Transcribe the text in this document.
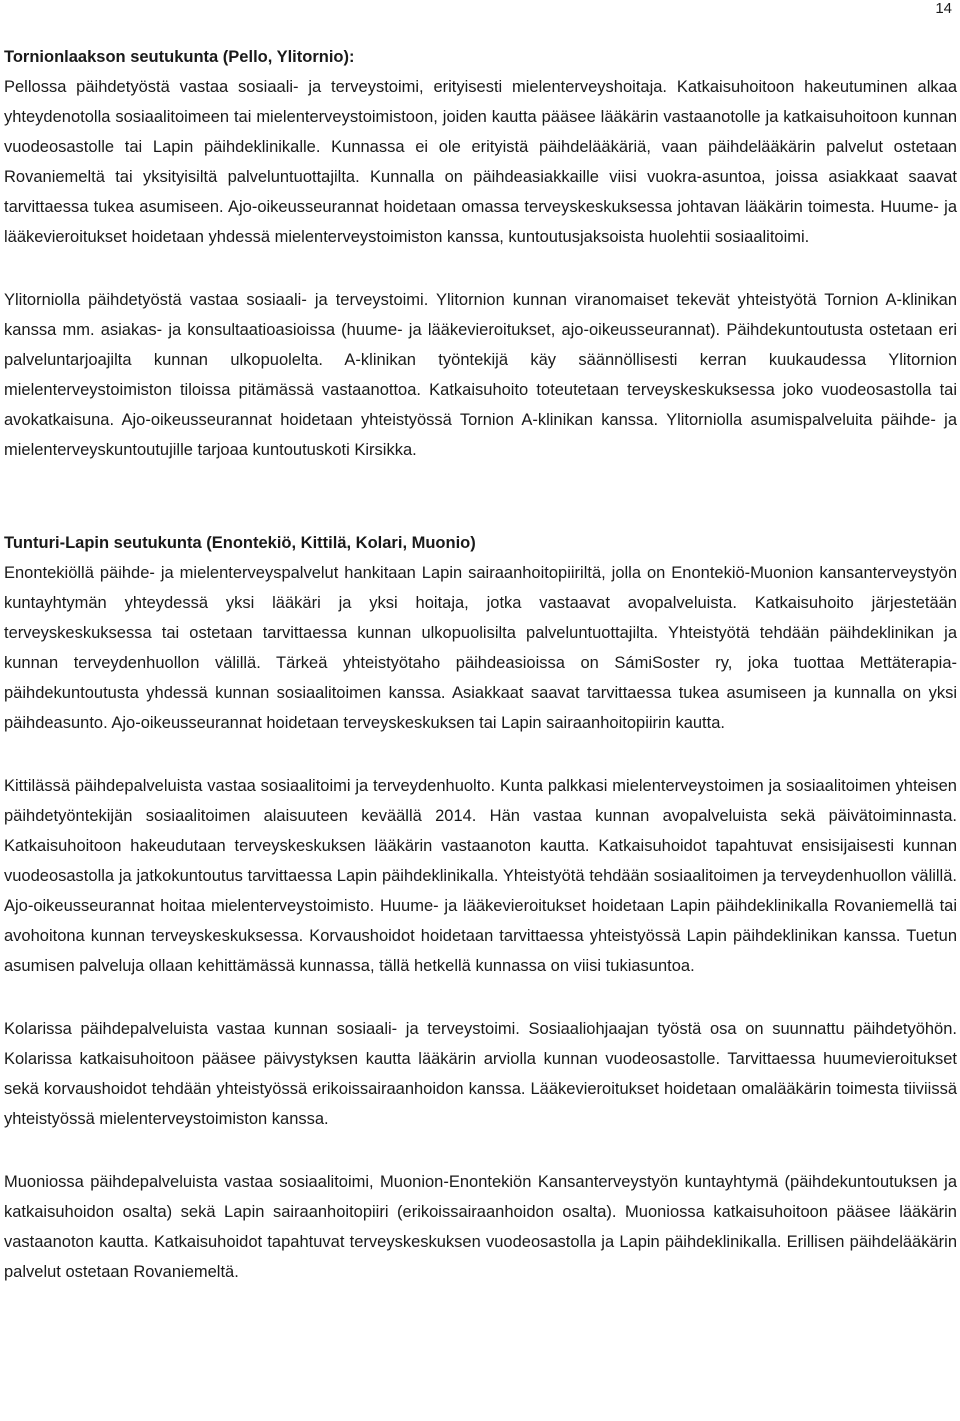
14
Tornionlaakson seutukunta (Pello, Ylitornio):

Pellossa päihdetyöstä vastaa sosiaali- ja terveystoimi, erityisesti mielenterveyshoitaja. Katkaisuhoitoon hakeutuminen alkaa yhteydenotolla sosiaalitoimeen tai mielenterveystoimistoon, joiden kautta pääsee lääkärin vastaanotolle ja katkaisuhoitoon kunnan vuodeosastolle tai Lapin päihdeklinikalle. Kunnassa ei ole erityistä päihdelääkäriä, vaan päihdelääkärin palvelut ostetaan Rovaniemeltä tai yksityisiltä palveluntuottajilta. Kunnalla on päihdeasiakkaille viisi vuokra-asuntoa, joissa asiakkaat saavat tarvittaessa tukea asumiseen. Ajo-oikeusseurannat hoidetaan omassa terveyskeskuksessa johtavan lääkärin toimesta. Huume- ja lääkevieroitukset hoidetaan yhdessä mielenterveystoimiston kanssa, kuntoutusjaksoista huolehtii sosiaalitoimi.

Ylitorniolla päihdetyöstä vastaa sosiaali- ja terveystoimi. Ylitornion kunnan viranomaiset tekevät yhteistyötä Tornion A-klinikan kanssa mm. asiakas- ja konsultaatioasioissa (huume- ja lääkevieroitukset, ajo-oikeusseurannat). Päihdekuntoutusta ostetaan eri palveluntarjoajilta kunnan ulkopuolelta. A-klinikan työntekijä käy säännöllisesti kerran kuukaudessa Ylitornion mielenterveystoimiston tiloissa pitämässä vastaanottoa. Katkaisuhoito toteutetaan terveyskeskuksessa joko vuodeosastolla tai avokatkaisuna. Ajo-oikeusseurannat hoidetaan yhteistyössä Tornion A-klinikan kanssa. Ylitorniolla asumispalveluita päihde- ja mielenterveyskuntoutujille tarjoaa kuntoutuskoti Kirsikka.

Tunturi-Lapin seutukunta (Enontekiö, Kittilä, Kolari, Muonio)

Enontekiöllä päihde- ja mielenterveyspalvelut hankitaan Lapin sairaanhoitopiiriltä, jolla on Enontekiö-Muonion kansanterveystyön kuntayhtymän yhteydessä yksi lääkäri ja yksi hoitaja, jotka vastaavat avopalveluista. Katkaisuhoito järjestetään terveyskeskuksessa tai ostetaan tarvittaessa kunnan ulkopuolisilta palveluntuottajilta. Yhteistyötä tehdään päihdeklinikan ja kunnan terveydenhuollon välillä. Tärkeä yhteistyötaho päihdeasioissa on SámiSoster ry, joka tuottaa Mettäterapia-päihdekuntoutusta yhdessä kunnan sosiaalitoimen kanssa. Asiakkaat saavat tarvittaessa tukea asumiseen ja kunnalla on yksi päihdeasunto. Ajo-oikeusseurannat hoidetaan terveyskeskuksen tai Lapin sairaanhoitopiirin kautta.

Kittilässä päihdepalveluista vastaa sosiaalitoimi ja terveydenhuolto. Kunta palkkasi mielenterveystoimen ja sosiaalitoimen yhteisen päihdetyöntekijän sosiaalitoimen alaisuuteen keväällä 2014. Hän vastaa kunnan avopalveluista sekä päivätoiminnasta. Katkaisuhoitoon hakeudutaan terveyskeskuksen lääkärin vastaanoton kautta. Katkaisuhoidot tapahtuvat ensisijaisesti kunnan vuodeosastolla ja jatkokuntoutus tarvittaessa Lapin päihdeklinikalla. Yhteistyötä tehdään sosiaalitoimen ja terveydenhuollon välillä. Ajo-oikeusseurannat hoitaa mielenterveystoimisto. Huume- ja lääkevieroitukset hoidetaan Lapin päihdeklinikalla Rovaniemellä tai avohoitona kunnan terveyskeskuksessa. Korvaushoidot hoidetaan tarvittaessa yhteistyössä Lapin päihdeklinikan kanssa. Tuetun asumisen palveluja ollaan kehittämässä kunnassa, tällä hetkellä kunnassa on viisi tukiasuntoa.

Kolarissa päihdepalveluista vastaa kunnan sosiaali- ja terveystoimi. Sosiaaliohjaajan työstä osa on suunnattu päihdetyöhön. Kolarissa katkaisuhoitoon pääsee päivystyksen kautta lääkärin arviolla kunnan vuodeosastolle. Tarvittaessa huumevieroitukset sekä korvaushoidot tehdään yhteistyössä erikoissairaanhoidon kanssa. Lääkevieroitukset hoidetaan omalääkärin toimesta tiiviissä yhteistyössä mielenterveystoimiston kanssa.

Muoniossa päihdepalveluista vastaa sosiaalitoimi, Muonion-Enontekiön Kansanterveystyön kuntayhtymä (päihdekuntoutuksen ja katkaisuhoidon osalta) sekä Lapin sairaanhoitopiiri (erikoissairaanhoidon osalta). Muoniossa katkaisuhoitoon pääsee lääkärin vastaanoton kautta. Katkaisuhoidot tapahtuvat terveyskeskuksen vuodeosastolla ja Lapin päihdeklinikalla. Erillisen päihdelääkärin palvelut ostetaan Rovaniemeltä.
